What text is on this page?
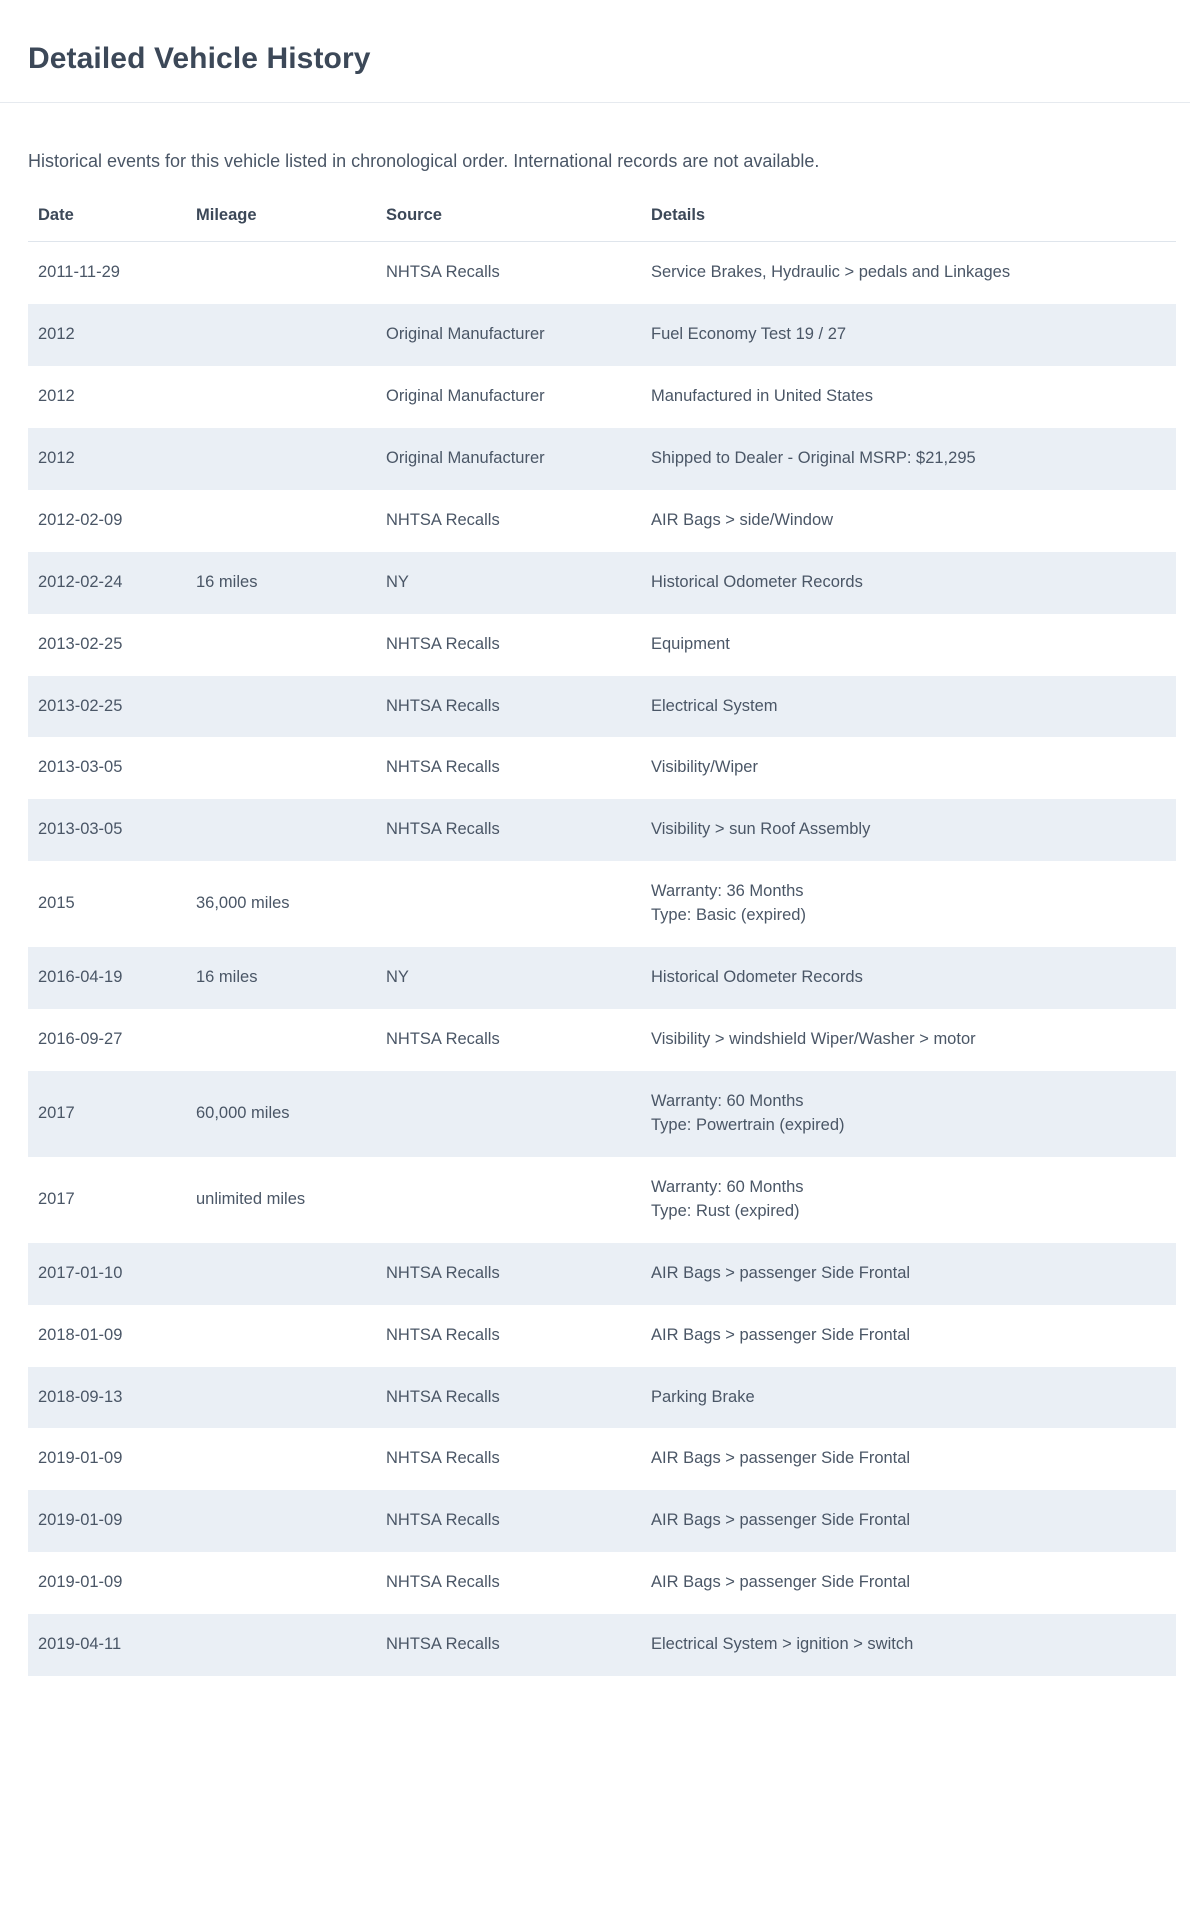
Detailed Vehicle History

Historical events for this vehicle listed in chronological order. International records are not available.

Date	Mileage	Source	Details
2011-11-29		NHTSA Recalls	Service Brakes, Hydraulic > pedals and Linkages

2012		Original Manufacturer	Fuel Economy Test 19 / 27

2012		Original Manufacturer	Manufactured in United States

2012		Original Manufacturer	Shipped to Dealer - Original MSRP: $21,295

2012-02-09		NHTSA Recalls	AIR Bags > side/Window

2012-02-24	16 miles	NY	Historical Odometer Records

2013-02-25		NHTSA Recalls	Equipment

2013-02-25		NHTSA Recalls	Electrical System

2013-03-05		NHTSA Recalls	Visibility/Wiper

2013-03-05		NHTSA Recalls	Visibility > sun Roof Assembly

2015	36,000 miles		Warranty: 36 Months
Type: Basic (expired)

2016-04-19	16 miles	NY	Historical Odometer Records

2016-09-27		NHTSA Recalls	Visibility > windshield Wiper/Washer > motor

2017	60,000 miles		Warranty: 60 Months
Type: Powertrain (expired)

2017	unlimited miles		Warranty: 60 Months
Type: Rust (expired)

2017-01-10		NHTSA Recalls	AIR Bags > passenger Side Frontal

2018-01-09		NHTSA Recalls	AIR Bags > passenger Side Frontal

2018-09-13		NHTSA Recalls	Parking Brake

2019-01-09		NHTSA Recalls	AIR Bags > passenger Side Frontal

2019-01-09		NHTSA Recalls	AIR Bags > passenger Side Frontal

2019-01-09		NHTSA Recalls	AIR Bags > passenger Side Frontal

2019-04-11		NHTSA Recalls	Electrical System > ignition > switch
